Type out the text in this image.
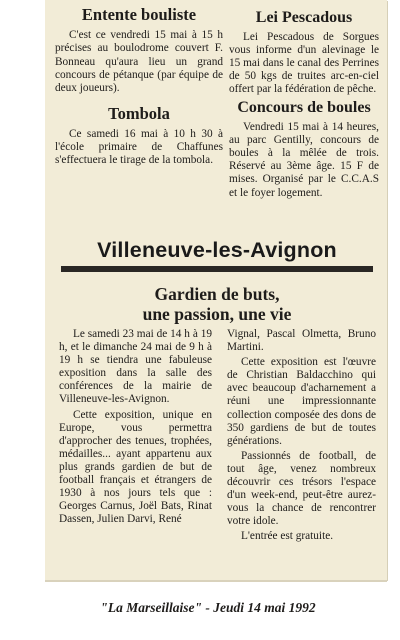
Entente bouliste

C'est ce vendredi 15 mai à 15 h précises au boulodrome couvert F. Bonneau qu'aura lieu un grand concours de pétanque (par équipe de deux joueurs).

Tombola

Ce samedi 16 mai à 10 h 30 à l'école primaire de Chaffunes s'effectuera le tirage de la tombola.

Lei Pescadous

Lei Pescadous de Sorgues vous informe d'un alevinage le 15 mai dans le canal des Perrines de 50 kgs de truites arc-en-ciel offert par la fédération de pêche.

Concours de boules

Vendredi 15 mai à 14 heures, au parc Gentilly, concours de boules à la mêlée de trois. Réservé au 3ème âge. 15 F de mises. Organisé par le C.C.A.S et le foyer logement.

Villeneuve-les-Avignon
Gardien de buts,
une passion, une vie

Le samedi 23 mai de 14 h à 19 h, et le dimanche 24 mai de 9 h à 19 h se tiendra une fabuleuse exposition dans la salle des conférences de la mairie de Villeneuve-les-Avignon.

Cette exposition, unique en Europe, vous permettra d'approcher des tenues, trophées, médailles... ayant appartenu aux plus grands gardien de but de football français et étrangers de 1930 à nos jours tels que : Georges Carnus, Joël Bats, Rinat Dassen, Julien Darvi, René

Vignal, Pascal Olmetta, Bruno Martini.

Cette exposition est l'œuvre de Christian Baldacchino qui avec beaucoup d'acharnement a réuni une impressionnante collection composée des dons de 350 gardiens de but de toutes générations.

Passionnés de football, de tout âge, venez nombreux découvrir ces trésors l'espace d'un week-end, peut-être aurez-vous la chance de rencontrer votre idole.

L'entrée est gratuite.

"La Marseillaise" - Jeudi 14 mai 1992
